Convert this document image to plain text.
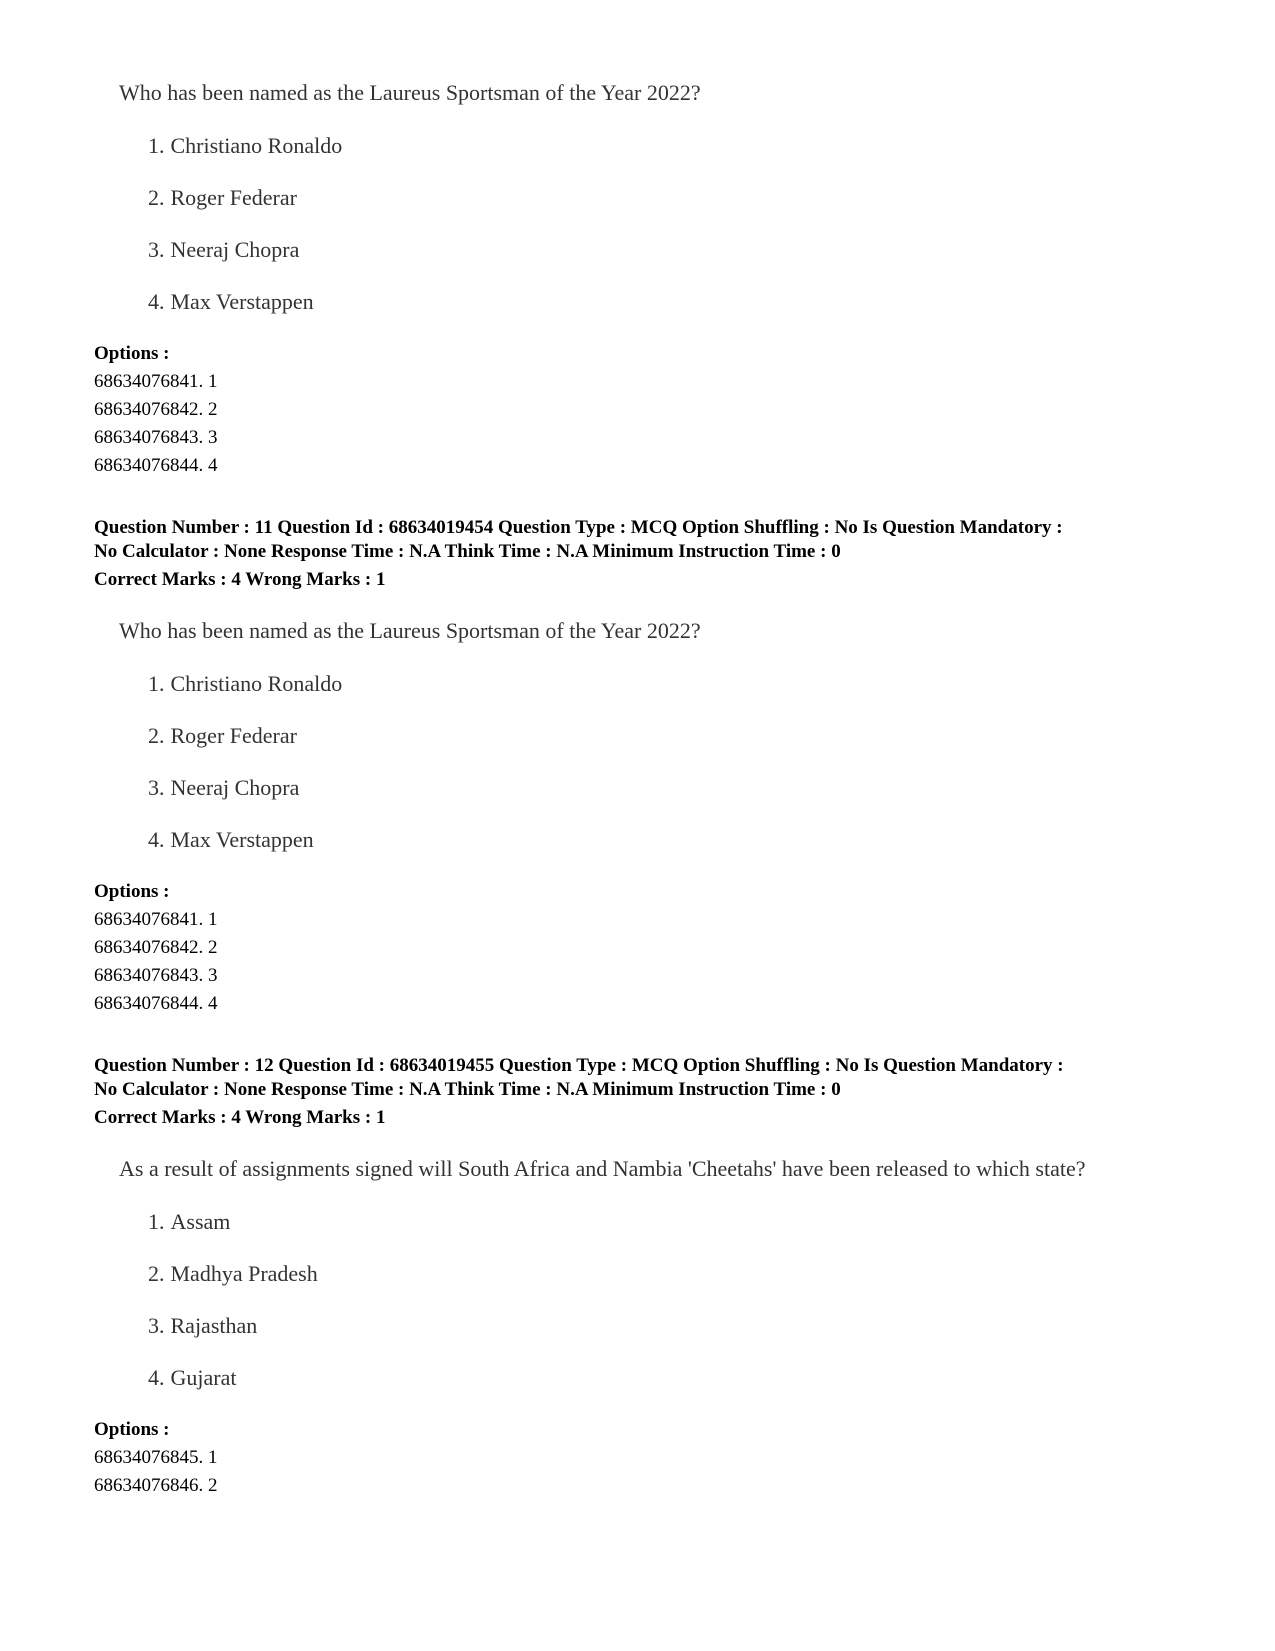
Who has been named as the Laureus Sportsman of the Year 2022?
1. Christiano Ronaldo
2. Roger Federar
3. Neeraj Chopra
4. Max Verstappen
Options :
68634076841. 1
68634076842. 2
68634076843. 3
68634076844. 4
Question Number : 11 Question Id : 68634019454 Question Type : MCQ Option Shuffling : No Is Question Mandatory :
No Calculator : None Response Time : N.A Think Time : N.A Minimum Instruction Time : 0
Correct Marks : 4 Wrong Marks : 1
Who has been named as the Laureus Sportsman of the Year 2022?
1. Christiano Ronaldo
2. Roger Federar
3. Neeraj Chopra
4. Max Verstappen
Options :
68634076841. 1
68634076842. 2
68634076843. 3
68634076844. 4
Question Number : 12 Question Id : 68634019455 Question Type : MCQ Option Shuffling : No Is Question Mandatory :
No Calculator : None Response Time : N.A Think Time : N.A Minimum Instruction Time : 0
Correct Marks : 4 Wrong Marks : 1
As a result of assignments signed will South Africa and Nambia 'Cheetahs' have been released to which state?
1. Assam
2. Madhya Pradesh
3. Rajasthan
4. Gujarat
Options :
68634076845. 1
68634076846. 2
